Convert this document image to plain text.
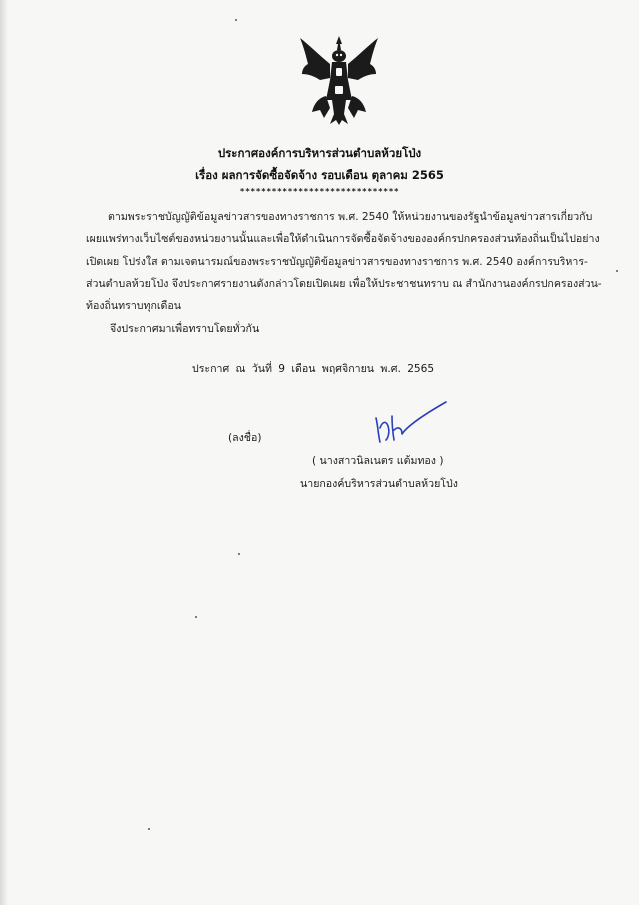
ประกาศองค์การบริหารส่วนตำบลห้วยโป่ง
เรื่อง ผลการจัดซื้อจัดจ้าง รอบเดือน ตุลาคม 2565
******************************
ตามพระราชบัญญัติข้อมูลข่าวสารของทางราชการ พ.ศ. 2540 ให้หน่วยงานของรัฐนำข้อมูลข่าวสารเกี่ยวกับ
เผยแพร่ทางเว็บไซต์ของหน่วยงานนั้นและเพื่อให้ดำเนินการจัดซื้อจัดจ้างขององค์กรปกครองส่วนท้องถิ่นเป็นไปอย่าง
เปิดเผย โปร่งใส ตามเจตนารมณ์ของพระราชบัญญัติข้อมูลข่าวสารของทางราชการ พ.ศ. 2540 องค์การบริหาร-
ส่วนตำบลห้วยโป่ง จึงประกาศรายงานดังกล่าวโดยเปิดเผย เพื่อให้ประชาชนทราบ ณ สำนักงานองค์กรปกครองส่วน-
ท้องถิ่นทราบทุกเดือน
จึงประกาศมาเพื่อทราบโดยทั่วกัน
ประกาศ ณ วันที่ 9 เดือน พฤศจิกายน พ.ศ. 2565
(ลงชื่อ)
( นางสาวนิลเนตร แต้มทอง )
นายกองค์บริหารส่วนตำบลห้วยโป่ง
